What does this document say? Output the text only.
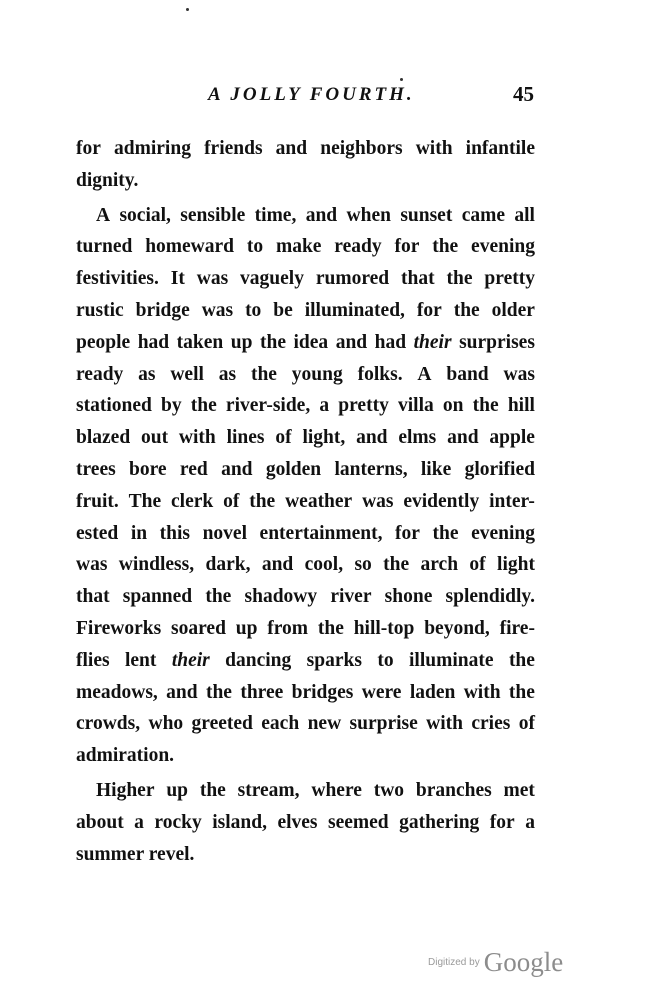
A JOLLY FOURTH.	45
for admiring friends and neighbors with infantile
dignity.
A social, sensible time, and when sunset came all
turned homeward to make ready for the evening
festivities. It was vaguely rumored that the pretty
rustic bridge was to be illuminated, for the older
people had taken up the idea and had their surprises
ready as well as the young folks. A band was
stationed by the river-side, a pretty villa on the hill
blazed out with lines of light, and elms and apple
trees bore red and golden lanterns, like glorified
fruit. The clerk of the weather was evidently inter-
ested in this novel entertainment, for the evening
was windless, dark, and cool, so the arch of light
that spanned the shadowy river shone splendidly.
Fireworks soared up from the hill-top beyond, fire-
flies lent their dancing sparks to illuminate the
meadows, and the three bridges were laden with the
crowds, who greeted each new surprise with cries of
admiration.
Higher up the stream, where two branches met
about a rocky island, elves seemed gathering for a
summer revel.
Digitized by Google
